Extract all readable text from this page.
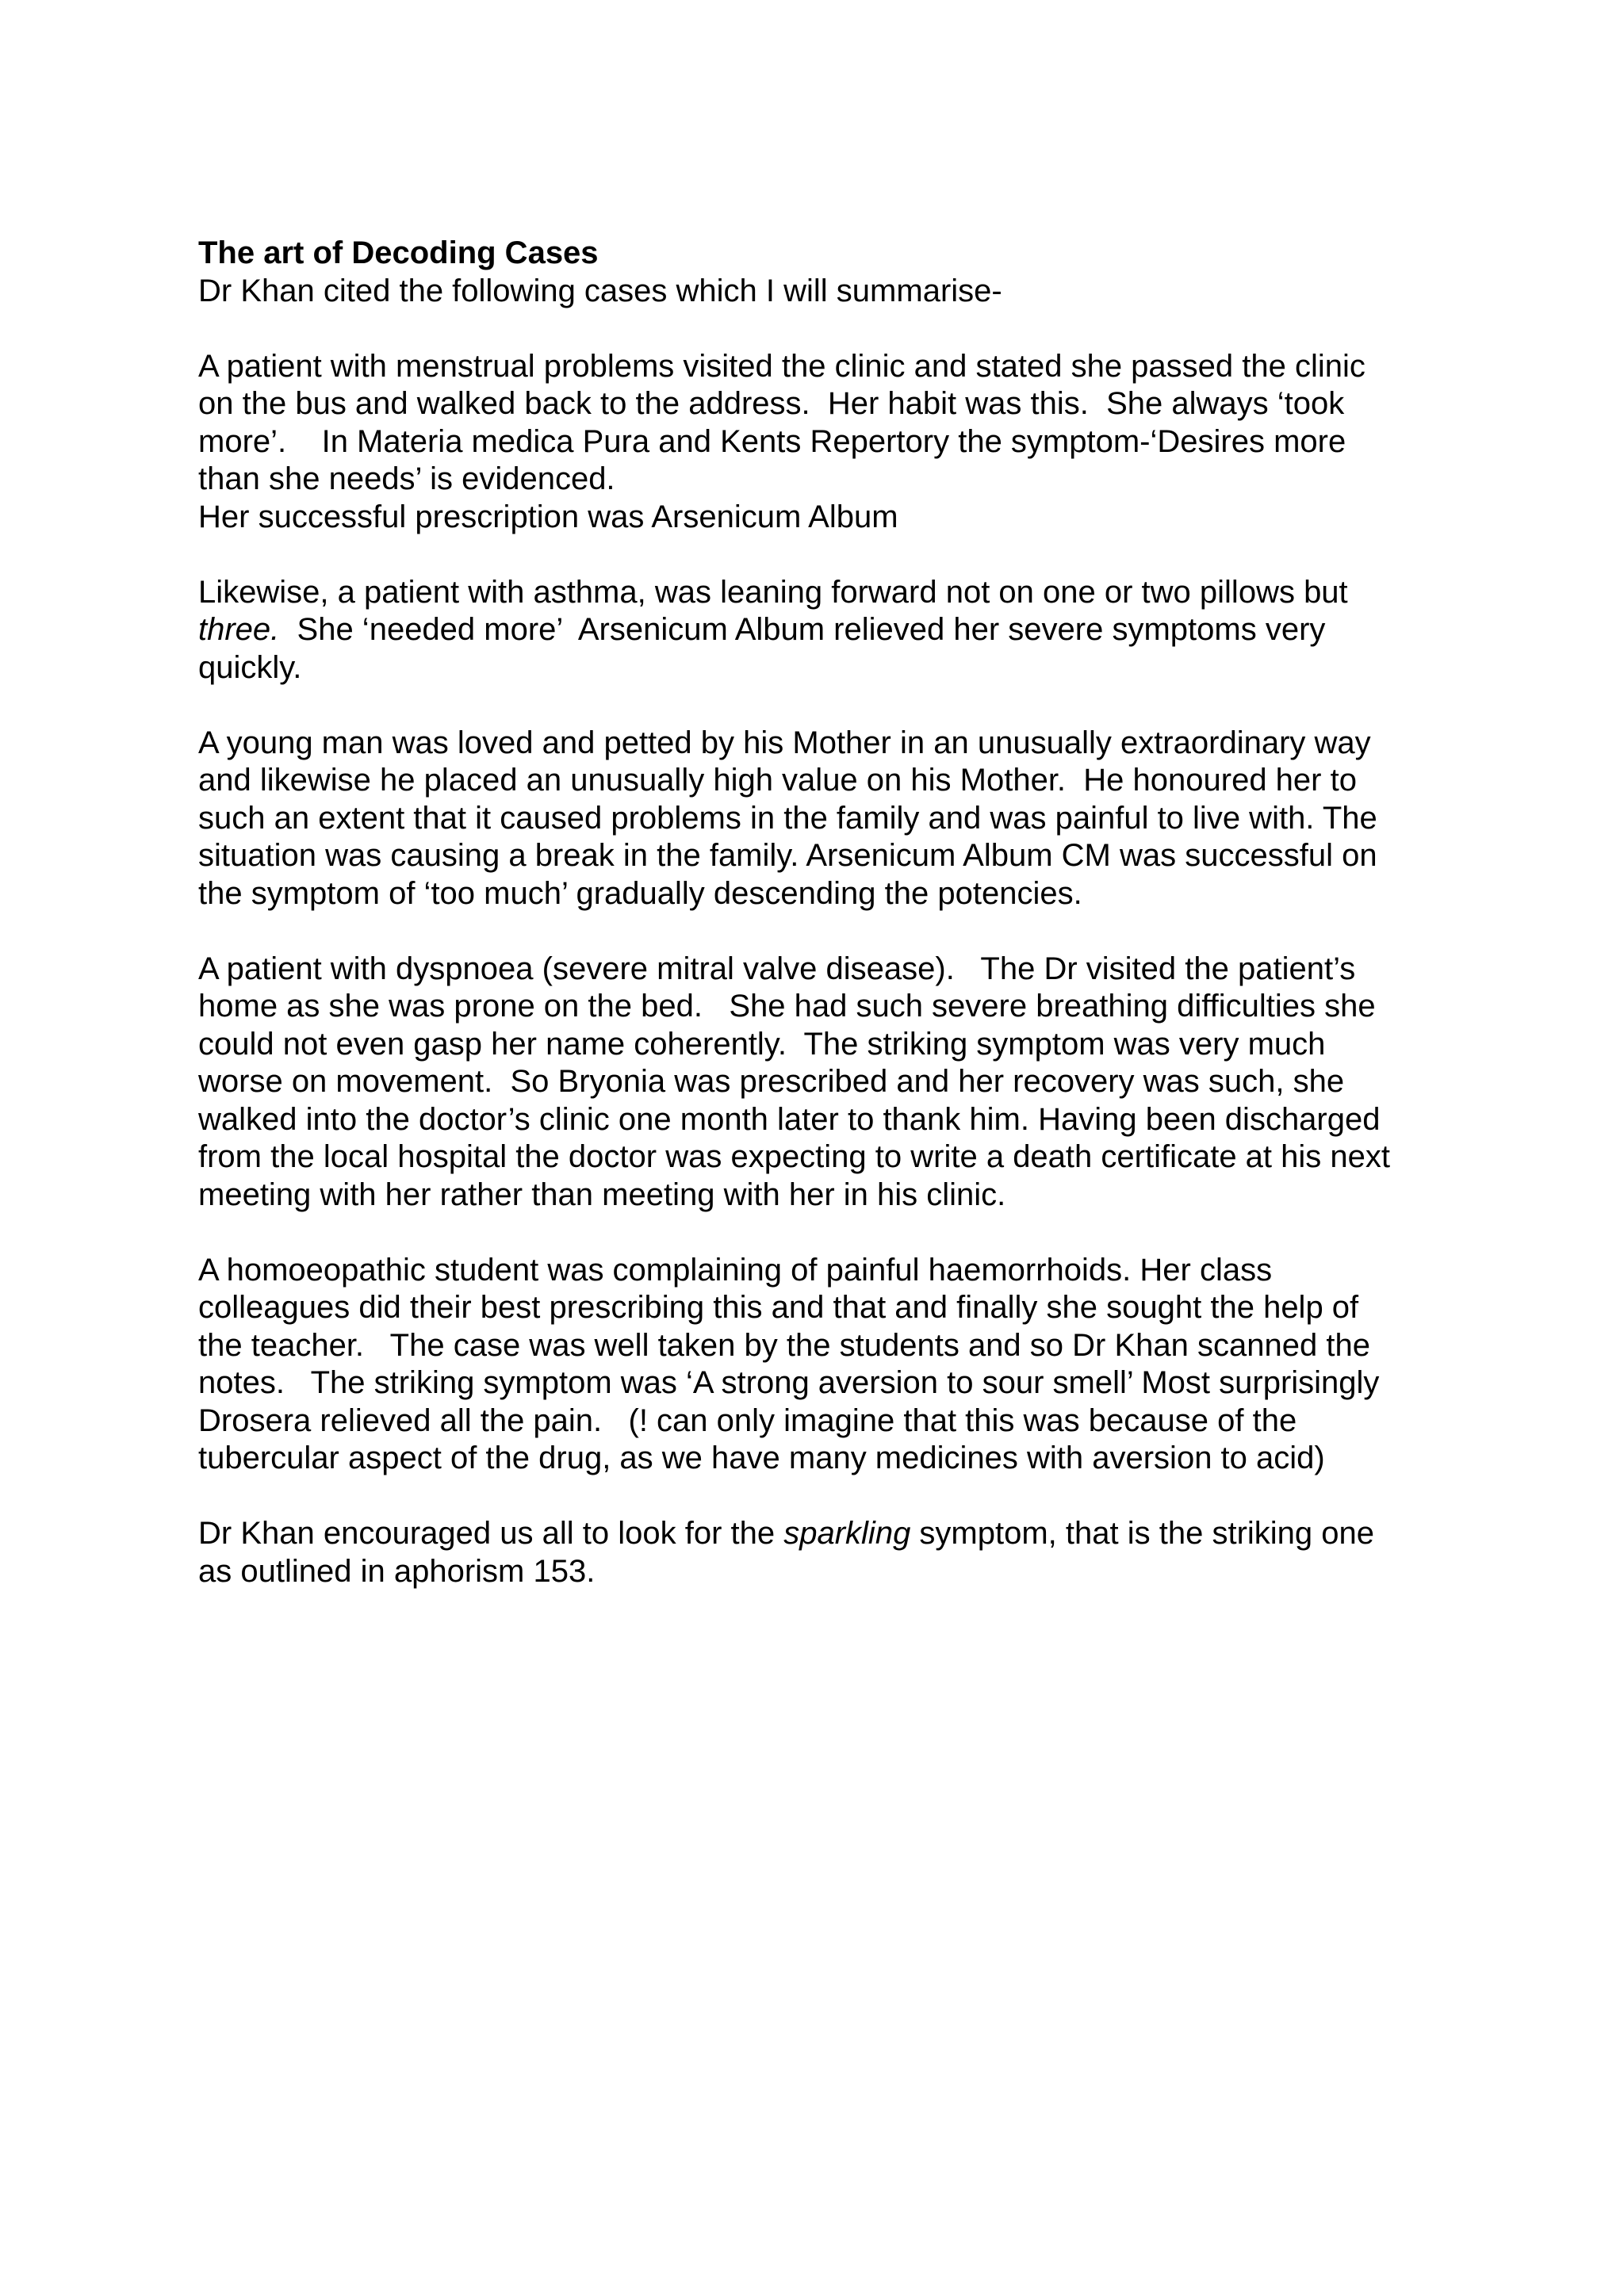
The art of Decoding Cases
Dr Khan cited the following cases which I will summarise-
A patient with menstrual problems visited the clinic and stated she passed the clinic
on the bus and walked back to the address.  Her habit was this.  She always ‘took
more’.    In Materia medica Pura and Kents Repertory the symptom-‘Desires more
than she needs’ is evidenced.
Her successful prescription was Arsenicum Album
Likewise, a patient with asthma, was leaning forward not on one or two pillows but
three.  She ‘needed more’  Arsenicum Album relieved her severe symptoms very
quickly.
A young man was loved and petted by his Mother in an unusually extraordinary way
and likewise he placed an unusually high value on his Mother.  He honoured her to
such an extent that it caused problems in the family and was painful to live with. The
situation was causing a break in the family. Arsenicum Album CM was successful on
the symptom of ‘too much’ gradually descending the potencies.
A patient with dyspnoea (severe mitral valve disease).   The Dr visited the patient’s
home as she was prone on the bed.   She had such severe breathing difficulties she
could not even gasp her name coherently.  The striking symptom was very much
worse on movement.  So Bryonia was prescribed and her recovery was such, she
walked into the doctor’s clinic one month later to thank him. Having been discharged
from the local hospital the doctor was expecting to write a death certificate at his next
meeting with her rather than meeting with her in his clinic.
A homoeopathic student was complaining of painful haemorrhoids. Her class
colleagues did their best prescribing this and that and finally she sought the help of
the teacher.   The case was well taken by the students and so Dr Khan scanned the
notes.   The striking symptom was ‘A strong aversion to sour smell’ Most surprisingly
Drosera relieved all the pain.   (! can only imagine that this was because of the
tubercular aspect of the drug, as we have many medicines with aversion to acid)
Dr Khan encouraged us all to look for the sparkling symptom, that is the striking one
as outlined in aphorism 153.
